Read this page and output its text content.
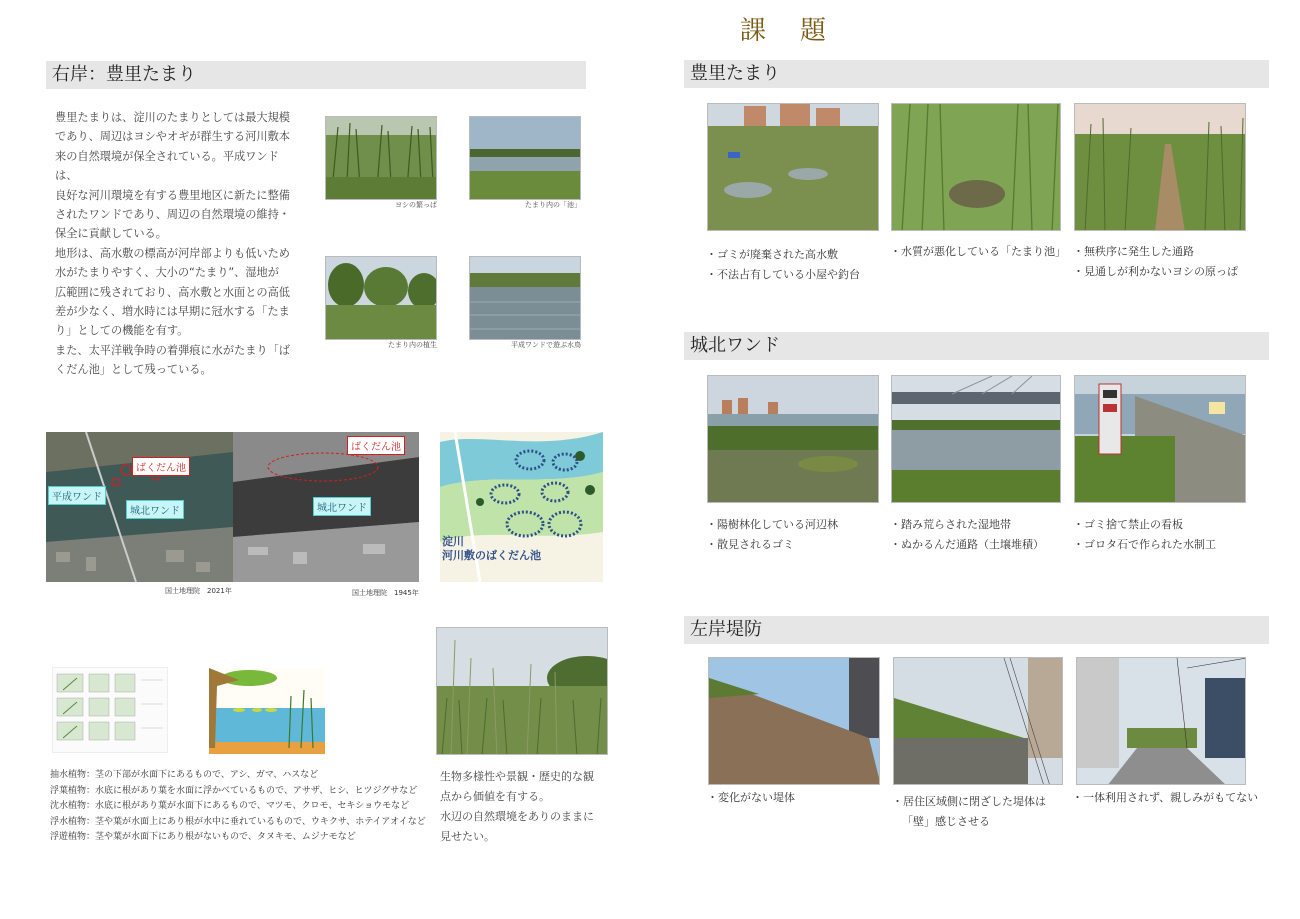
課　題
右岸：豊里たまり
豊里たまりは、淀川のたまりとしては最大規模
であり、周辺はヨシやオギが群生する河川敷本
来の自然環境が保全されている。平成ワンドは、
良好な河川環境を有する豊里地区に新たに整備
されたワンドであり、周辺の自然環境の維持・
保全に貢献している。
地形は、高水敷の標高が河岸部よりも低いため
水がたまりやすく、大小の“たまり”、湿地が
広範囲に残されており、高水敷と水面との高低
差が少なく、増水時には早期に冠水する「たま
り」としての機能を有す。
また、太平洋戦争時の着弾痕に水がたまり「ば
くだん池」として残っている。
ヨシの繁っぱ	たまり内の「池」
たまり内の植生	平成ワンドで遊ぶ水鳥
ばくだん池
平成ワンド
城北ワンド
ばくだん池
城北ワンド
国土地理院　2021年	国土地理院　1945年
淀川
河川敷のばくだん池
抽水植物：茎の下部が水面下にあるもので、アシ、ガマ、ハスなど
浮葉植物：水底に根があり葉を水面に浮かべているもので、アサザ、ヒシ、ヒツジグサなど
沈水植物：水底に根があり葉が水面下にあるもので、マツモ、クロモ、セキショウモなど
浮水植物：茎や葉が水面上にあり根が水中に垂れているもので、ウキクサ、ホテイアオイなど
浮遊植物：茎や葉が水面下にあり根がないもので、タヌキモ、ムジナモなど
生物多様性や景観・歴史的な観
点から価値を有する。
水辺の自然環境をありのままに
見せたい。
豊里たまり
・ゴミが廃棄された高水敷
・不法占有している小屋や釣台
・水質が悪化している「たまり池」 ・無秩序に発生した通路
・見通しが利かないヨシの原っぱ
城北ワンド
・陽樹林化している河辺林
・散見されるゴミ
・踏み荒らされた湿地帯
・ぬかるんだ通路（土壌堆積）
・ゴミ捨て禁止の看板
・ゴロタ石で作られた水制工
左岸堤防
・変化がない堤体	・居住区域側に閉ざした堤体は
「壁」感じさせる
・一体利用されず、親しみがもてない
